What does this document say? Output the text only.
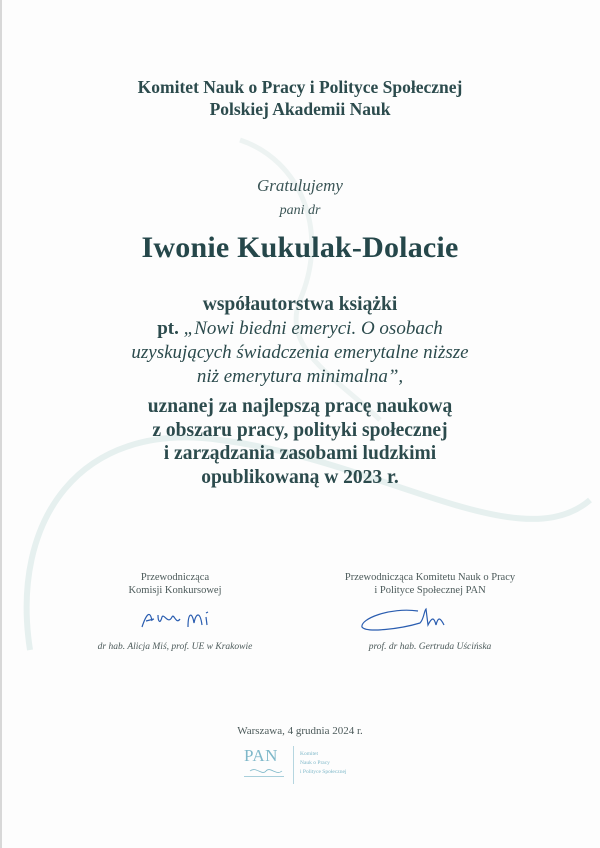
Komitet Nauk o Pracy i Polityce Społecznej
Polskiej Akademii Nauk
Gratulujemy
pani dr
Iwonie Kukulak-Dolacie
współautorstwa książki
pt. „Nowi biedni emeryci. O osobach
uzyskujących świadczenia emerytalne niższe
niż emerytura minimalna”,
uznanej za najlepszą pracę naukową
z obszaru pracy, polityki społecznej
i zarządzania zasobami ludzkimi
opublikowaną w 2023 r.
Przewodnicząca
Komisji Konkursowej
dr hab. Alicja Miś, prof. UE w Krakowie
Przewodnicząca Komitetu Nauk o Pracy
i Polityce Społecznej PAN
prof. dr hab. Gertruda Uścińska
Warszawa, 4 grudnia 2024 r.
PAN	Komitet
Nauk o Pracy
i Polityce Społecznej
